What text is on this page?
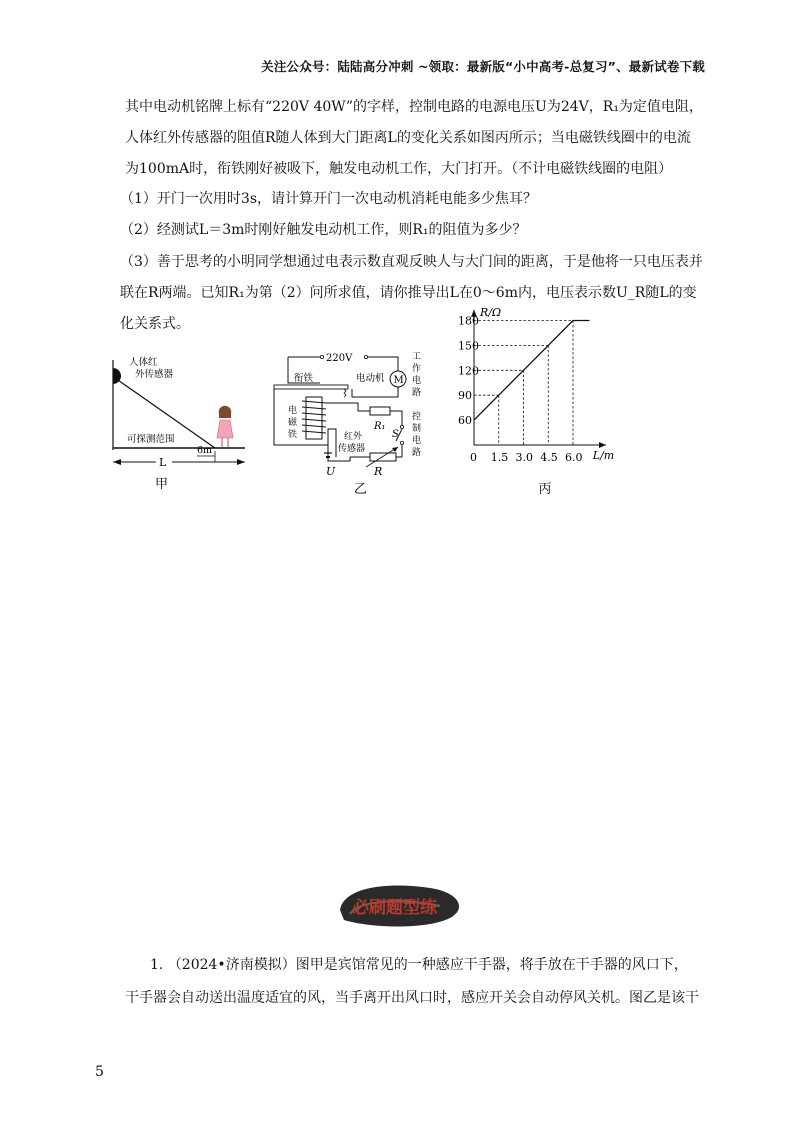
关注公众号：陆陆高分冲刺 ~领取：最新版“小中高考-总复习”、最新试卷下载
其中电动机铭牌上标有“220V 40W”的字样，控制电路的电源电压U为24V，R₁为定值电阻，
人体红外传感器的阻值R随人体到大门距离L的变化关系如图丙所示；当电磁铁线圈中的电流
为100mA时，衔铁刚好被吸下，触发电动机工作，大门打开。（不计电磁铁线圈的电阻）
（1）开门一次用时3s，请计算开门一次电动机消耗电能多少焦耳？
（2）经测试L＝3m时刚好触发电动机工作，则R₁的阻值为多少？
（3）善于思考的小明同学想通过电表示数直观反映人与大门间的距离，于是他将一只电压表并
联在R两端。已知R₁为第（2）问所求值，请你推导出L在0～6m内，电压表示数U_R随L的变
化关系式。
人体红
外传感器
可探测范围
6m
L
甲
220V
M
电动机
工
作
电
路
衔铁
电
磁
铁
R₁
S
控
制
电
路
红外
传感器
U	R
乙
R/Ω
L/m
60
90
120
150
180
0 1.5 3.0 4.5 6.0
丙
必刷题型练
1. （2024•济南模拟）图甲是宾馆常见的一种感应干手器，将手放在干手器的风口下，
干手器会自动送出温度适宜的风，当手离开出风口时，感应开关会自动停风关机。图乙是该干
5
